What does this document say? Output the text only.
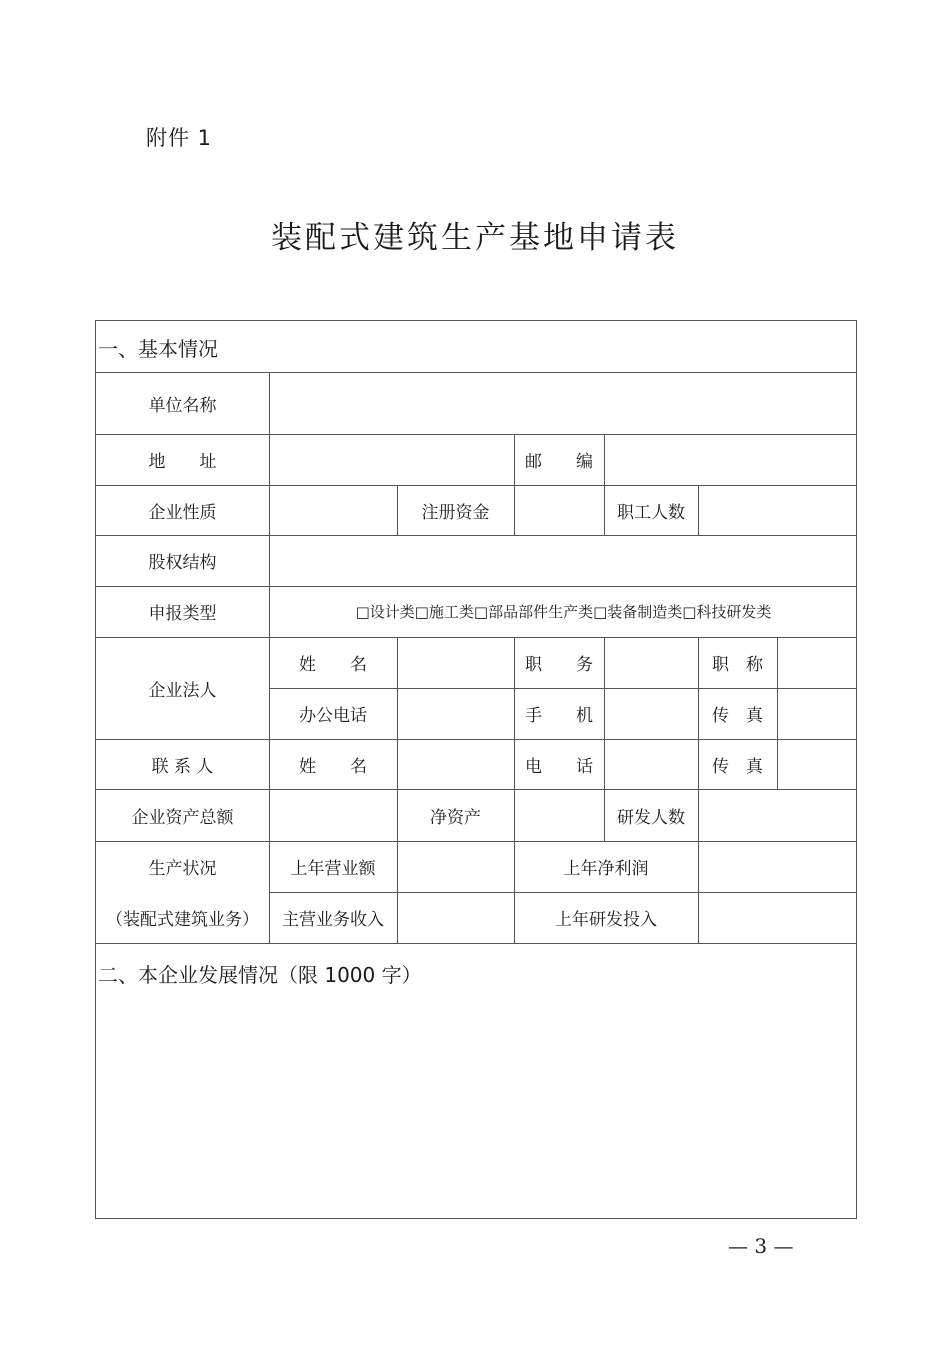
附件 1
装配式建筑生产基地申请表
一、基本情况
单位名称
地　　址	邮　　编
企业性质	注册资金	职工人数
股权结构
申报类型	□设计类□施工类□部品部件生产类□装备制造类□科技研发类
企业法人
姓　　名	职　　务	职　称
办公电话	手　　机	传　真
联 系 人	姓　　名	电　　话	传　真
企业资产总额	净资产	研发人数
生产状况
（装配式建筑业务）
上年营业额	上年净利润
主营业务收入	上年研发投入
二、本企业发展情况（限 1000 字）
— 3 —
